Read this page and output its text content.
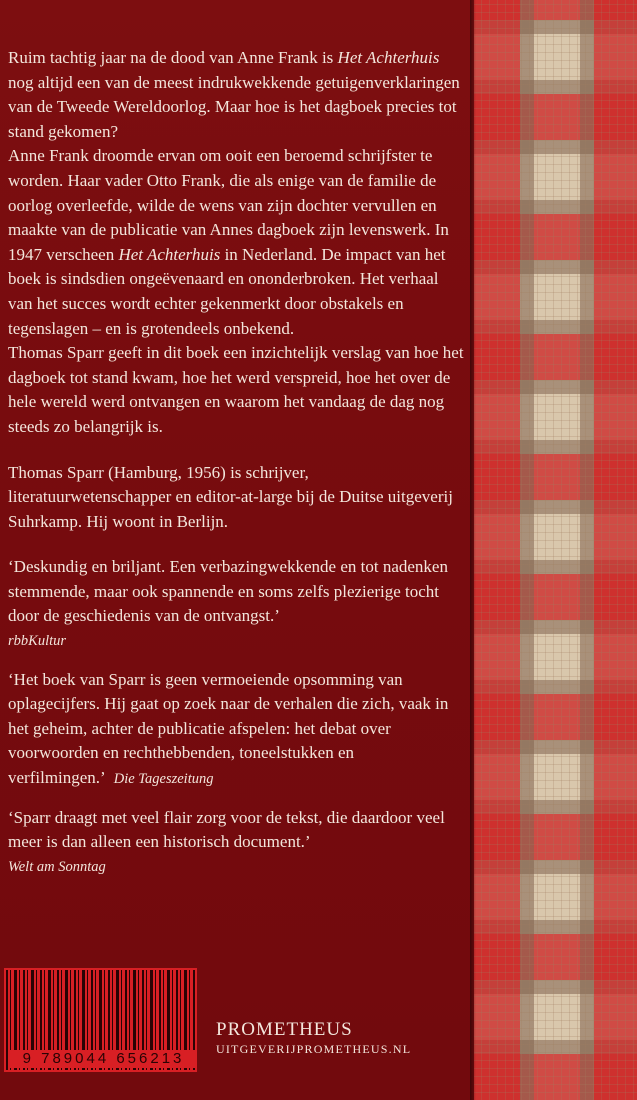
Ruim tachtig jaar na de dood van Anne Frank is Het Achterhuis nog altijd een van de meest indrukwekkende getuigenverklaringen van de Tweede Wereldoorlog. Maar hoe is het dagboek precies tot stand gekomen?

Anne Frank droomde ervan om ooit een beroemd schrijfster te worden. Haar vader Otto Frank, die als enige van de familie de oorlog overleefde, wilde de wens van zijn dochter vervullen en maakte van de publicatie van Annes dagboek zijn levenswerk. In 1947 verscheen Het Achterhuis in Nederland. De impact van het boek is sindsdien ongeëvenaard en ononderbroken. Het verhaal van het succes wordt echter gekenmerkt door obstakels en tegenslagen – en is grotendeels onbekend.

Thomas Sparr geeft in dit boek een inzichtelijk verslag van hoe het dagboek tot stand kwam, hoe het werd verspreid, hoe het over de hele wereld werd ontvangen en waarom het vandaag de dag nog steeds zo belangrijk is.

Thomas Sparr (Hamburg, 1956) is schrijver, literatuurwetenschapper en editor-at-large bij de Duitse uitgeverij Suhrkamp. Hij woont in Berlijn.

‘Deskundig en briljant. Een verbazingwekkende en tot nadenken stemmende, maar ook spannende en soms zelfs plezierige tocht door de geschiedenis van de ontvangst.’

rbbKultur

‘Het boek van Sparr is geen vermoeiende opsomming van oplagecijfers. Hij gaat op zoek naar de verhalen die zich, vaak in het geheim, achter de publicatie afspelen: het debat over voorwoorden en rechthebbenden, toneelstukken en verfilmingen.’ Die Tageszeitung

‘Sparr draagt met veel flair zorg voor de tekst, die daardoor veel meer is dan alleen een historisch document.’

Welt am Sonntag

9 789044 656213
PROMETHEUS
UITGEVERIJPROMETHEUS.NL
